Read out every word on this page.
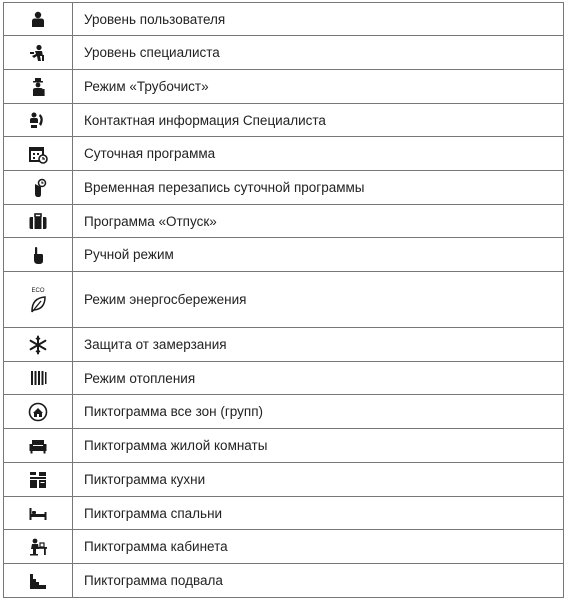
	Уровень пользователя

	Уровень специалиста

	Режим «Трубочист»

	Контактная информация Специалиста

	Суточная программа

	Временная перезапись суточной программы

	Программа «Отпуск»

	Ручной режим

ECO	Режим энергосбережения

	Защита от замерзания

	Режим отопления

	Пиктограмма все зон (групп)

	Пиктограмма жилой комнаты

	Пиктограмма кухни

	Пиктограмма спальни

	Пиктограмма кабинета

	Пиктограмма подвала
